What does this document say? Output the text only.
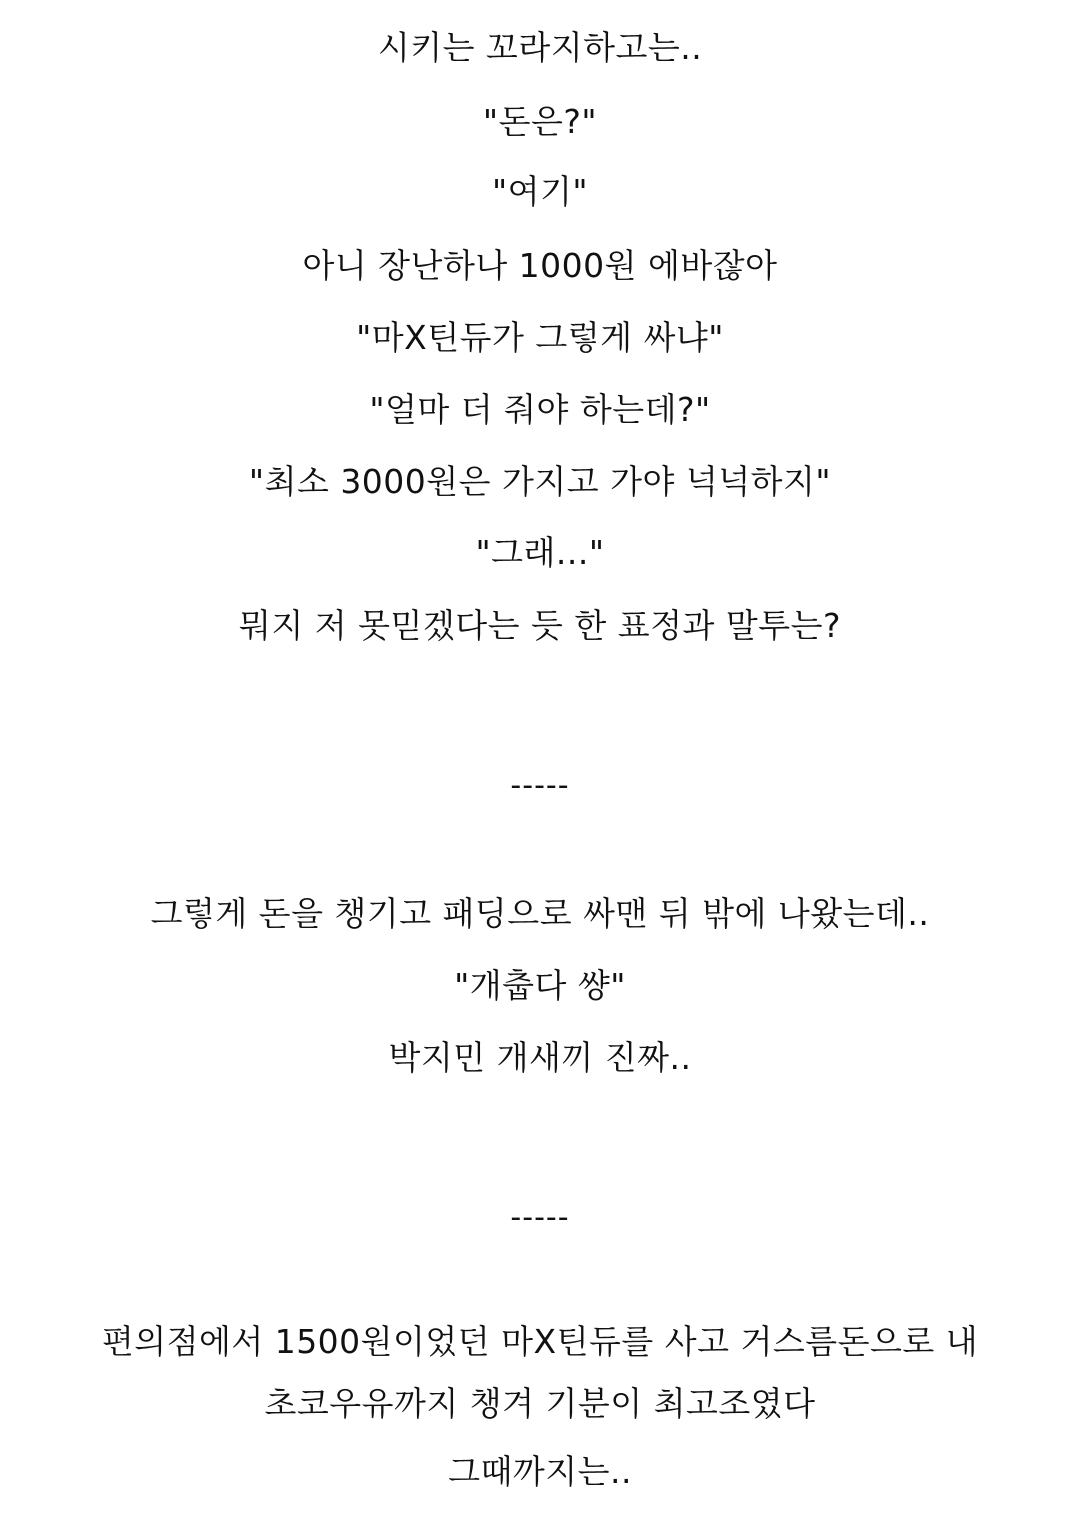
시키는 꼬라지하고는..
"돈은?"
"여기"
아니 장난하나 1000원 에바잖아
"마X틴듀가 그렇게 싸냐"
"얼마 더 줘야 하는데?"
"최소 3000원은 가지고 가야 넉넉하지"
"그래..."
뭐지 저 못믿겠다는 듯 한 표정과 말투는?
-----
그렇게 돈을 챙기고 패딩으로 싸맨 뒤 밖에 나왔는데..
"개춥다 썅"
박지민 개새끼 진짜..
-----
편의점에서 1500원이었던 마X틴듀를 사고 거스름돈으로 내
초코우유까지 챙겨 기분이 최고조였다
그때까지는..
